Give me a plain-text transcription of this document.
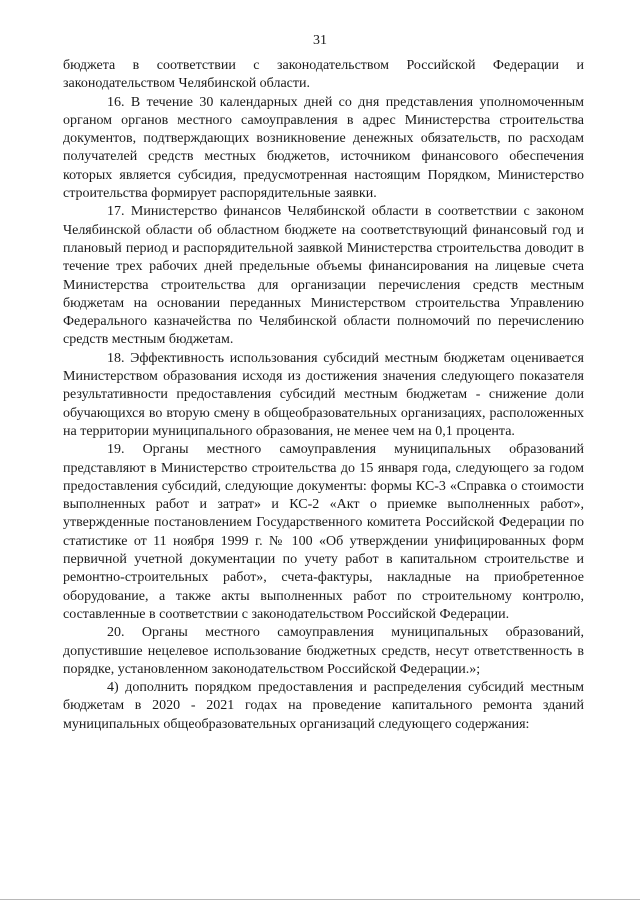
31

бюджета в соответствии с законодательством Российской Федерации и законодательством Челябинской области.

16. В течение 30 календарных дней со дня представления уполномоченным органом органов местного самоуправления в адрес Министерства строительства документов, подтверждающих возникновение денежных обязательств, по расходам получателей средств местных бюджетов, источником финансового обеспечения которых является субсидия, предусмотренная настоящим Порядком, Министерство строительства формирует распорядительные заявки.

17. Министерство финансов Челябинской области в соответствии с законом Челябинской области об областном бюджете на соответствующий финансовый год и плановый период и распорядительной заявкой Министерства строительства доводит в течение трех рабочих дней предельные объемы финансирования на лицевые счета Министерства строительства для организации перечисления средств местным бюджетам на основании переданных Министерством строительства Управлению Федерального казначейства по Челябинской области полномочий по перечислению средств местным бюджетам.

18. Эффективность использования субсидий местным бюджетам оценивается Министерством образования исходя из достижения значения следующего показателя результативности предоставления субсидий местным бюджетам - снижение доли обучающихся во вторую смену в общеобразовательных организациях, расположенных на территории муниципального образования, не менее чем на 0,1 процента.

19. Органы местного самоуправления муниципальных образований представляют в Министерство строительства до 15 января года, следующего за годом предоставления субсидий, следующие документы: формы КС-3 «Справка о стоимости выполненных работ и затрат» и КС-2 «Акт о приемке выполненных работ», утвержденные постановлением Государственного комитета Российской Федерации по статистике от 11 ноября 1999 г. № 100 «Об утверждении унифицированных форм первичной учетной документации по учету работ в капитальном строительстве и ремонтно-строительных работ», счета-фактуры, накладные на приобретенное оборудование, а также акты выполненных работ по строительному контролю, составленные в соответствии с законодательством Российской Федерации.

20. Органы местного самоуправления муниципальных образований, допустившие нецелевое использование бюджетных средств, несут ответственность в порядке, установленном законодательством Российской Федерации.»;

4) дополнить порядком предоставления и распределения субсидий местным бюджетам в 2020 - 2021 годах на проведение капитального ремонта зданий муниципальных общеобразовательных организаций следующего содержания:
